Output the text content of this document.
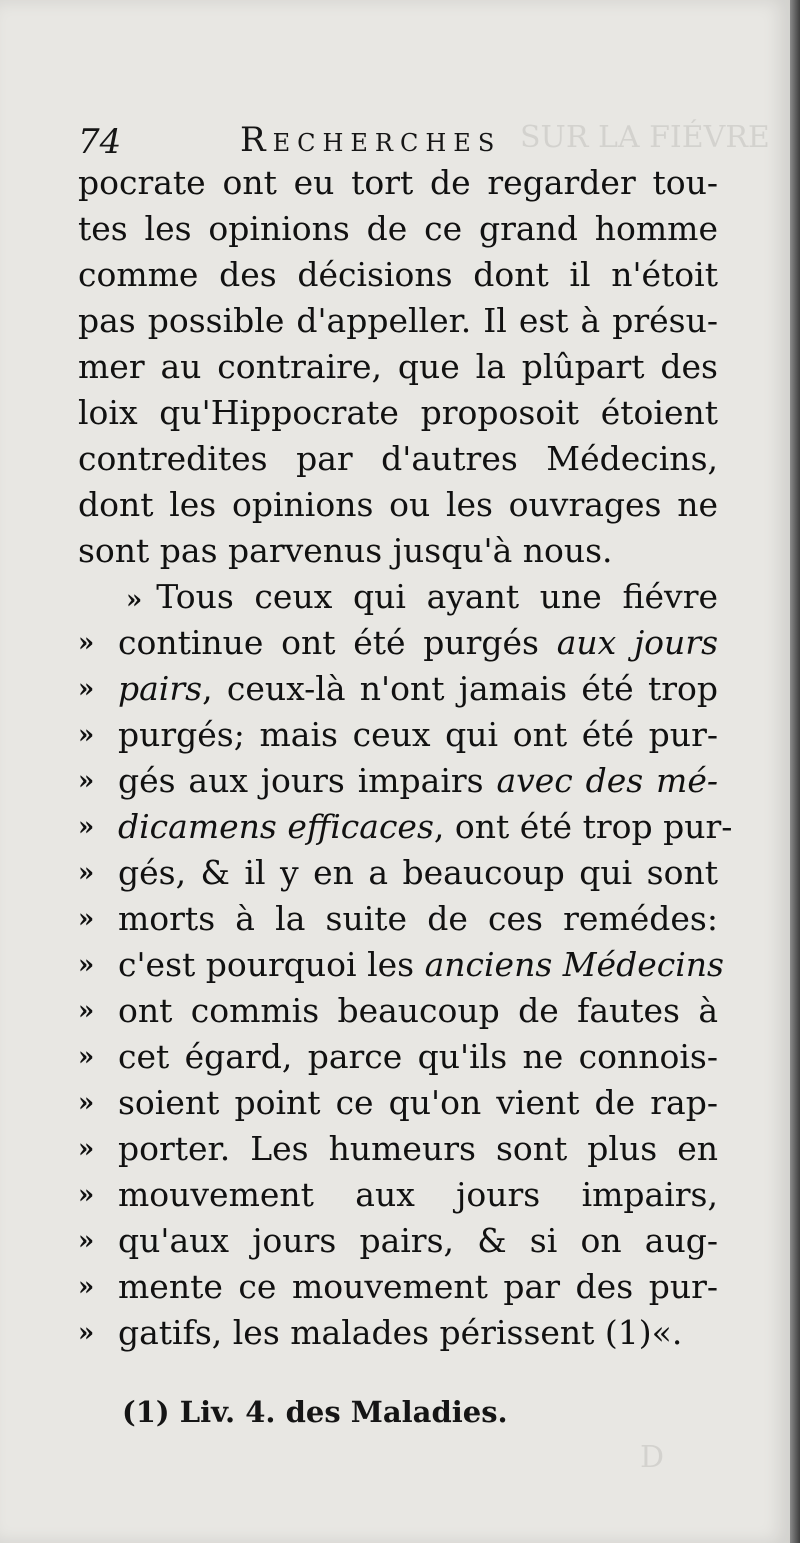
SUR LA FIÉVRE
D
74	Recherches
pocrate ont eu tort de regarder tou-
tes les opinions de ce grand homme
comme des décisions dont il n'étoit
pas possible d'appeller. Il est à présu-
mer au contraire, que la plûpart des
loix qu'Hippocrate proposoit étoient
contredites par d'autres Médecins,
dont les opinions ou les ouvrages ne
sont pas parvenus jusqu'à nous.
» Tous ceux qui ayant une fiévre
» continue ont été purgés aux jours
» pairs, ceux-là n'ont jamais été trop
» purgés; mais ceux qui ont été pur-
» gés aux jours impairs avec des mé-
» dicamens efficaces, ont été trop pur-
» gés, & il y en a beaucoup qui sont
» morts à la suite de ces remédes:
» c'est pourquoi les anciens Médecins
» ont commis beaucoup de fautes à
» cet égard, parce qu'ils ne connois-
» soient point ce qu'on vient de rap-
» porter. Les humeurs sont plus en
» mouvement aux jours impairs,
» qu'aux jours pairs, & si on aug-
» mente ce mouvement par des pur-
» gatifs, les malades périssent (1)«.
(1) Liv. 4. des Maladies.
